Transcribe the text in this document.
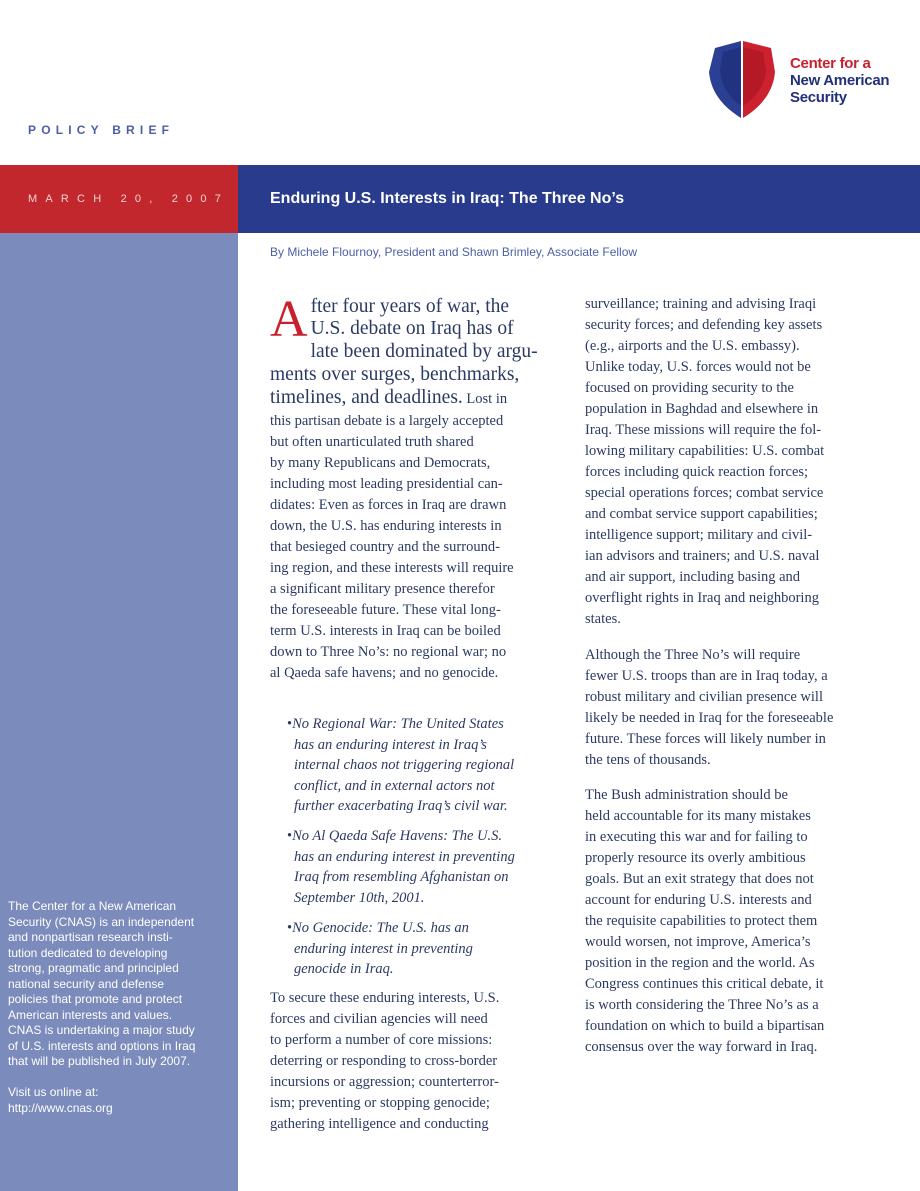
Center for a
New American
Security
POLICY BRIEF
MARCH 20, 2007	Enduring U.S. Interests in Iraq: The Three No’s

The Center for a New American
Security (CNAS) is an independent
and nonpartisan research insti-
tution dedicated to developing
strong, pragmatic and principled
national security and defense
policies that promote and protect
American interests and values.
CNAS is undertaking a major study
of U.S. interests and options in Iraq
that will be published in July 2007.

Visit us online at:

http://www.cnas.org

By Michele Flournoy, President and Shawn Brimley, Associate Fellow
A fter four years of war, the
U.S. debate on Iraq has of
late been dominated by argu-
ments over surges, benchmarks,
timelines, and deadlines. Lost in
this partisan debate is a largely accepted
but often unarticulated truth shared
by many Republicans and Democrats,
including most leading presidential can-
didates: Even as forces in Iraq are drawn
down, the U.S. has enduring interests in
that besieged country and the surround-
ing region, and these interests will require
a significant military presence therefor
the foreseeable future. These vital long-
term U.S. interests in Iraq can be boiled
down to Three No’s: no regional war; no
al Qaeda safe havens; and no genocide.
•No Regional War: The United States
has an enduring interest in Iraq’s
internal chaos not triggering regional
conflict, and in external actors not
further exacerbating Iraq’s civil war.
•No Al Qaeda Safe Havens: The U.S.
has an enduring interest in preventing
Iraq from resembling Afghanistan on
September 10th, 2001.
•No Genocide: The U.S. has an
enduring interest in preventing
genocide in Iraq.
To secure these enduring interests, U.S.
forces and civilian agencies will need
to perform a number of core missions:
deterring or responding to cross-border
incursions or aggression; counterterror-
ism; preventing or stopping genocide;
gathering intelligence and conducting
surveillance; training and advising Iraqi
security forces; and defending key assets
(e.g., airports and the U.S. embassy).
Unlike today, U.S. forces would not be
focused on providing security to the
population in Baghdad and elsewhere in
Iraq. These missions will require the fol-
lowing military capabilities: U.S. combat
forces including quick reaction forces;
special operations forces; combat service
and combat service support capabilities;
intelligence support; military and civil-
ian advisors and trainers; and U.S. naval
and air support, including basing and
overflight rights in Iraq and neighboring
states.
Although the Three No’s will require
fewer U.S. troops than are in Iraq today, a
robust military and civilian presence will
likely be needed in Iraq for the foreseeable
future. These forces will likely number in
the tens of thousands.
The Bush administration should be
held accountable for its many mistakes
in executing this war and for failing to
properly resource its overly ambitious
goals. But an exit strategy that does not
account for enduring U.S. interests and
the requisite capabilities to protect them
would worsen, not improve, America’s
position in the region and the world. As
Congress continues this critical debate, it
is worth considering the Three No’s as a
foundation on which to build a bipartisan
consensus over the way forward in Iraq.
